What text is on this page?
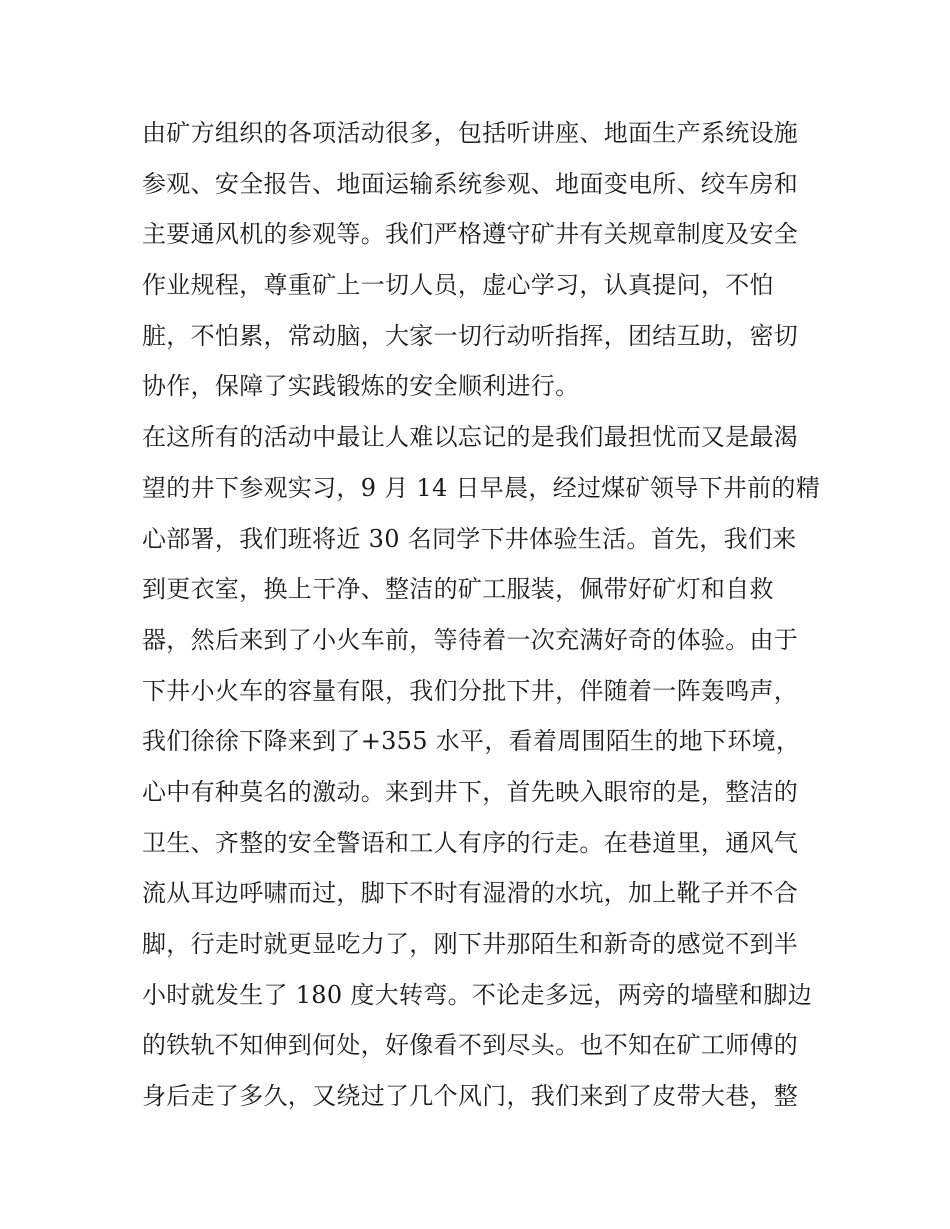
由矿方组织的各项活动很多，包括听讲座、地面生产系统设施
参观、安全报告、地面运输系统参观、地面变电所、绞车房和
主要通风机的参观等。我们严格遵守矿井有关规章制度及安全
作业规程，尊重矿上一切人员，虚心学习，认真提问，不怕
脏，不怕累，常动脑，大家一切行动听指挥，团结互助，密切
协作，保障了实践锻炼的安全顺利进行。
在这所有的活动中最让人难以忘记的是我们最担忧而又是最渴
望的井下参观实习，9 月 14 日早晨，经过煤矿领导下井前的精
心部署，我们班将近 30 名同学下井体验生活。首先，我们来
到更衣室，换上干净、整洁的矿工服装，佩带好矿灯和自救
器，然后来到了小火车前，等待着一次充满好奇的体验。由于
下井小火车的容量有限，我们分批下井，伴随着一阵轰鸣声，
我们徐徐下降来到了+355 水平，看着周围陌生的地下环境，
心中有种莫名的激动。来到井下，首先映入眼帘的是，整洁的
卫生、齐整的安全警语和工人有序的行走。在巷道里，通风气
流从耳边呼啸而过，脚下不时有湿滑的水坑，加上靴子并不合
脚，行走时就更显吃力了，刚下井那陌生和新奇的感觉不到半
小时就发生了 180 度大转弯。不论走多远，两旁的墙壁和脚边
的铁轨不知伸到何处，好像看不到尽头。也不知在矿工师傅的
身后走了多久，又绕过了几个风门，我们来到了皮带大巷，整
